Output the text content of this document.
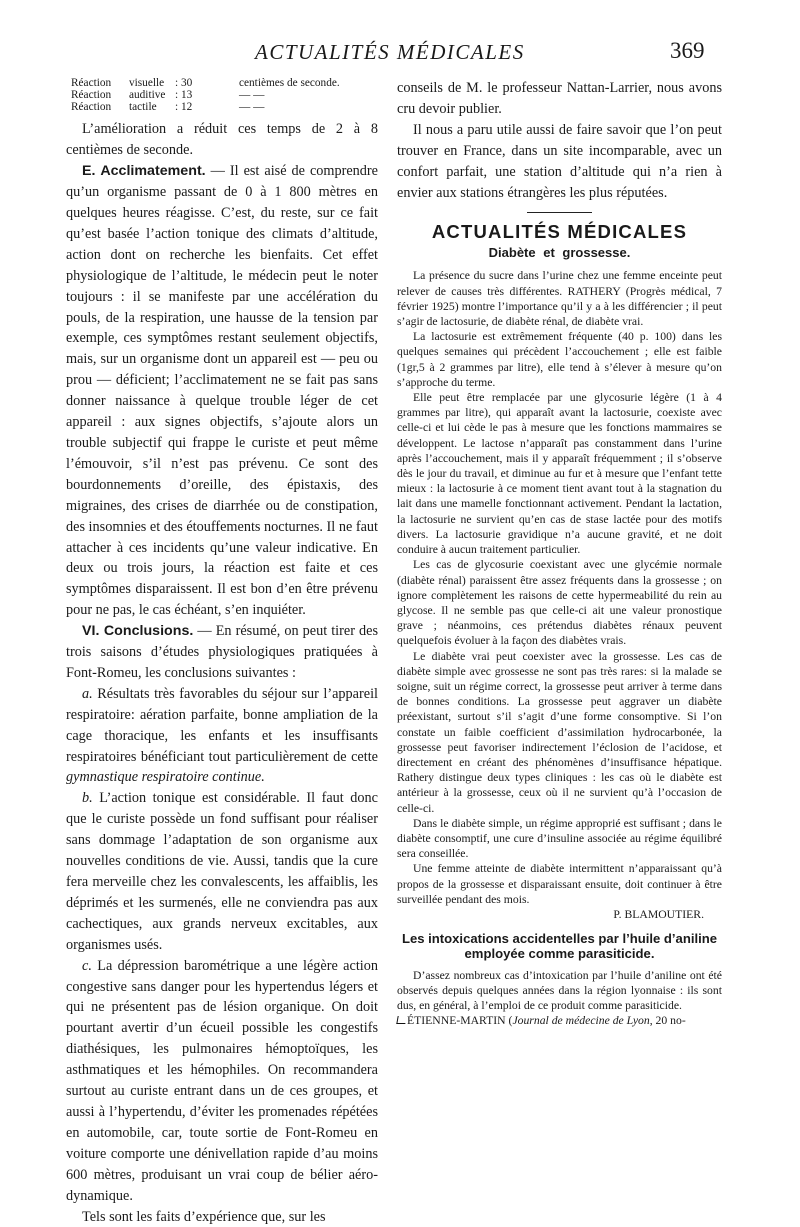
ACTUALITÉS MÉDICALES	369
Réaction	visuelle : 30	centièmes de seconde.
Réaction	auditive : 13	— —
Réaction	tactile	: 12	— —

L’amélioration a réduit ces temps de 2 à 8 centièmes de seconde.

E. Acclimatement. — Il est aisé de comprendre qu’un organisme passant de 0 à 1 800 mètres en quelques heures réagisse. C’est, du reste, sur ce fait qu’est basée l’action tonique des climats d’altitude, action dont on recherche les bienfaits. Cet effet physiologique de l’altitude, le médecin peut le noter toujours : il se manifeste par une accélération du pouls, de la respiration, une hausse de la tension par exemple, ces symptômes restant seulement objectifs, mais, sur un organisme dont un appareil est — peu ou prou — déficient; l’acclimatement ne se fait pas sans donner naissance à quelque trouble léger de cet appareil : aux signes objectifs, s’ajoute alors un trouble subjectif qui frappe le curiste et peut même l’émouvoir, s’il n’est pas prévenu. Ce sont des bourdonnements d’oreille, des épistaxis, des migraines, des crises de diarrhée ou de constipation, des insomnies et des étouffements nocturnes. Il ne faut attacher à ces incidents qu’une valeur indicative. En deux ou trois jours, la réaction est faite et ces symptômes disparaissent. Il est bon d’en être prévenu pour ne pas, le cas échéant, s’en inquiéter.

VI. Conclusions. — En résumé, on peut tirer des trois saisons d’études physiologiques pratiquées à Font-Romeu, les conclusions suivantes :

a. Résultats très favorables du séjour sur l’appareil respiratoire: aération parfaite, bonne ampliation de la cage thoracique, les enfants et les insuffisants respiratoires bénéficiant tout particulièrement de cette gymnastique respiratoire continue.

b. L’action tonique est considérable. Il faut donc que le curiste possède un fond suffisant pour réaliser sans dommage l’adaptation de son organisme aux nouvelles conditions de vie. Aussi, tandis que la cure fera merveille chez les convalescents, les affaiblis, les déprimés et les surmenés, elle ne conviendra pas aux cachectiques, aux grands nerveux excitables, aux organismes usés.

c. La dépression barométrique a une légère action congestive sans danger pour les hypertendus légers et qui ne présentent pas de lésion organique. On doit pourtant avertir d’un écueil possible les congestifs diathésiques, les pulmonaires hémoptoïques, les asthmatiques et les hémophiles. On recommandera surtout au curiste entrant dans un de ces groupes, et aussi à l’hypertendu, d’éviter les promenades répétées en automobile, car, toute sortie de Font-Romeu en voiture comporte une dénivellation rapide d’au moins 600 mètres, produisant un vrai coup de bélier aéro-dynamique.

Tels sont les faits d’expérience que, sur les

conseils de M. le professeur Nattan-Larrier, nous avons cru devoir publier.

Il nous a paru utile aussi de faire savoir que l’on peut trouver en France, dans un site incomparable, avec un confort parfait, une station d’altitude qui n’a rien à envier aux stations étrangères les plus réputées.

ACTUALITÉS MÉDICALES
Diabète et grossesse.

La présence du sucre dans l’urine chez une femme enceinte peut relever de causes très différentes. RATHERY (Progrès médical, 7 février 1925) montre l’importance qu’il y a à les différencier ; il peut s’agir de lactosurie, de diabète rénal, de diabète vrai.

La lactosurie est extrêmement fréquente (40 p. 100) dans les quelques semaines qui précèdent l’accouchement ; elle est faible (1gr,5 à 2 grammes par litre), elle tend à s’élever à mesure qu’on s’approche du terme.

Elle peut être remplacée par une glycosurie légère (1 à 4 grammes par litre), qui apparaît avant la lactosurie, coexiste avec celle-ci et lui cède le pas à mesure que les fonctions mammaires se développent. Le lactose n’apparaît pas constamment dans l’urine après l’accouchement, mais il y apparaît fréquemment ; il s’observe dès le jour du travail, et diminue au fur et à mesure que l’enfant tette mieux : la lactosurie à ce moment tient avant tout à la stagnation du lait dans une mamelle fonctionnant activement. Pendant la lactation, la lactosurie ne survient qu’en cas de stase lactée pour des motifs divers. La lactosurie gravidique n’a aucune gravité, et ne doit conduire à aucun traitement particulier.

Les cas de glycosurie coexistant avec une glycémie normale (diabète rénal) paraissent être assez fréquents dans la grossesse ; on ignore complètement les raisons de cette hypermeabilité du rein au glycose. Il ne semble pas que celle-ci ait une valeur pronostique grave ; néanmoins, ces prétendus diabètes rénaux peuvent quelquefois évoluer à la façon des diabètes vrais.

Le diabète vrai peut coexister avec la grossesse. Les cas de diabète simple avec grossesse ne sont pas très rares: si la malade se soigne, suit un régime correct, la grossesse peut arriver à terme dans de bonnes conditions. La grossesse peut aggraver un diabète préexistant, surtout s’il s’agit d’une forme consomptive. Si l’on constate un faible coefficient d’assimilation hydrocarbonée, la grossesse peut favoriser indirectement l’éclosion de l’acidose, et directement en créant des phénomènes d’insuffisance hépatique. Rathery distingue deux types cliniques : les cas où le diabète est antérieur à la grossesse, ceux où il ne survient qu’à l’occasion de celle-ci.

Dans le diabète simple, un régime approprié est suffisant ; dans le diabète consomptif, une cure d’insuline associée au régime équilibré sera conseillée.

Une femme atteinte de diabète intermittent n’apparaissant qu’à propos de la grossesse et disparaissant ensuite, doit continuer à être surveillée pendant des mois.

P. BLAMOUTIER.
Les intoxications accidentelles par l’huile d’aniline employée comme parasiticide.

D’assez nombreux cas d’intoxication par l’huile d’aniline ont été observés depuis quelques années dans la région lyonnaise : ils sont dus, en général, à l’emploi de ce produit comme parasiticide.

ÉTIENNE-MARTIN (Journal de médecine de Lyon, 20 no-
